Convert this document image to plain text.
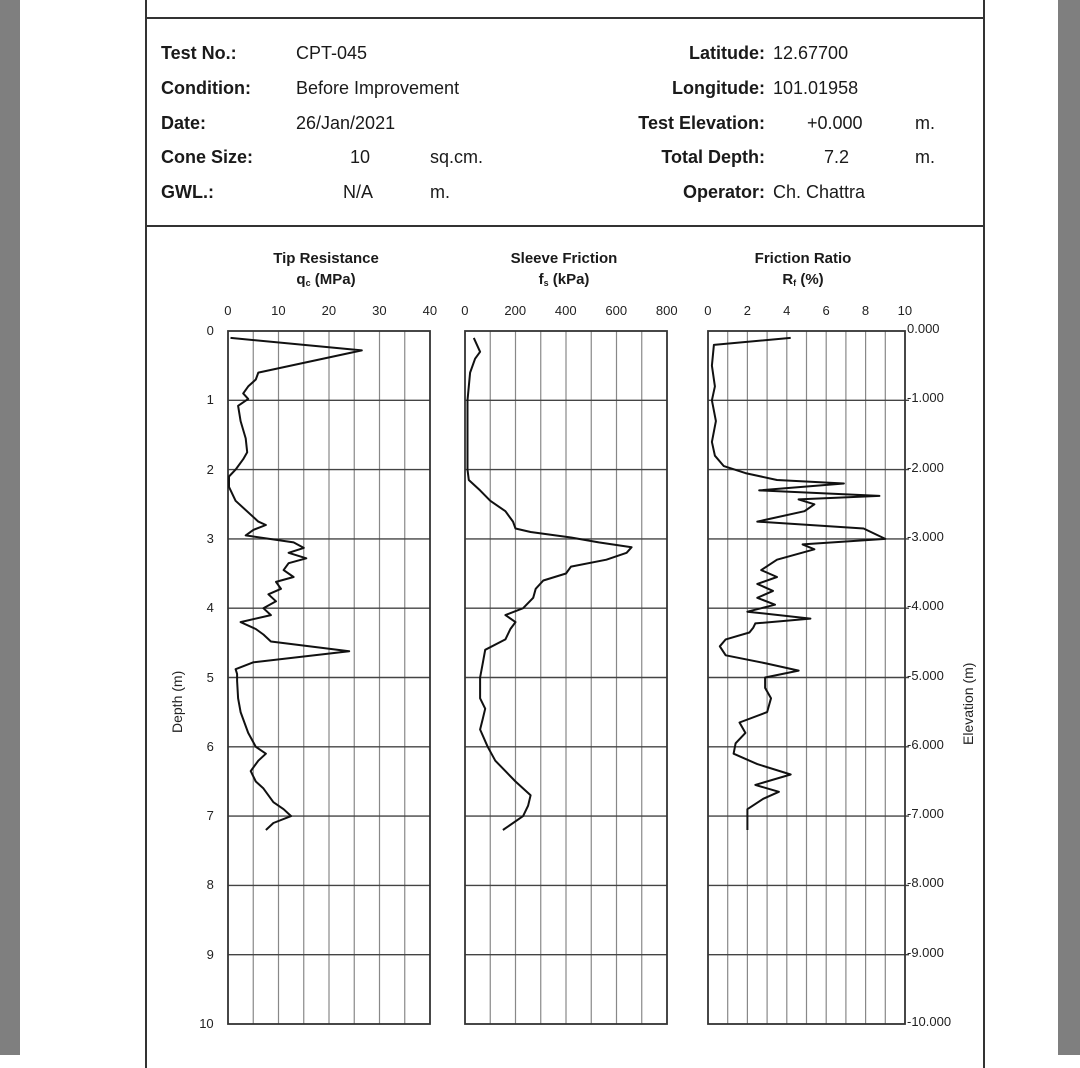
Test No.:	CPT-045
Condition:	Before Improvement
Date:	26/Jan/2021
Cone Size:	10	sq.cm.
GWL.:	N/A	m.
Latitude: 12.67700
Longitude: 101.01958
Test Elevation: +0.000	m.
Total Depth:	7.2	m.
Operator: Ch. Chattra
Tip Resistance
$q_c$ (MPa)
Sleeve Friction
$f_s$ (kPa)
Friction Ratio
$R_f$ (%)
Depth (m)	Elevation (m)
0	10	20	30	40 0	200 400 600 800 0 2 4 6 8 10
0
1
2
3
4
5
6
7
8
9
10
0.000
-1.000
-2.000
-3.000
-4.000
-5.000
-6.000
-7.000
-8.000
-9.000
-10.000
